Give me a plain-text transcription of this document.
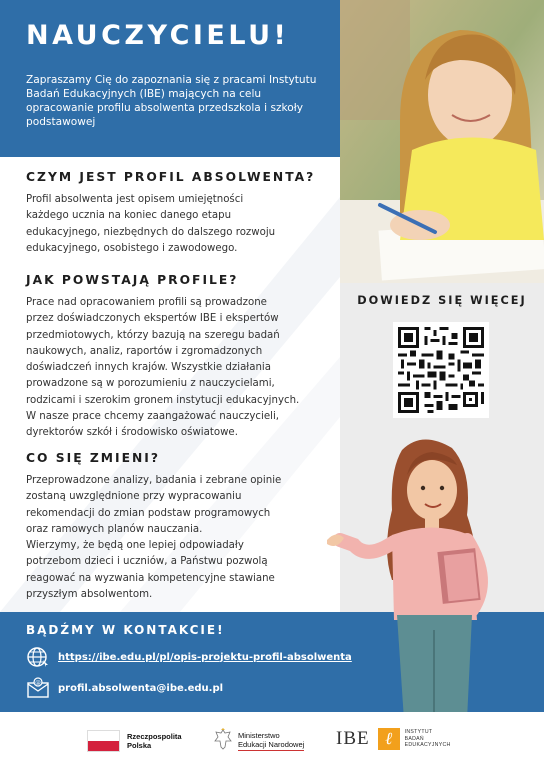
NAUCZYCIELU!
Zapraszamy Cię do zapoznania się z pracami Instytutu Badań Edukacyjnych (IBE) mających na celu opracowanie profilu absolwenta przedszkola i szkoły podstawowej
CZYM JEST PROFIL ABSOLWENTA?
Profil absolwenta jest opisem umiejętności
każdego ucznia na koniec danego etapu
edukacyjnego, niezbędnych do dalszego rozwoju
edukacyjnego, osobistego i zawodowego.
JAK POWSTAJĄ PROFILE?
Prace nad opracowaniem profili są prowadzone
przez doświadczonych ekspertów IBE i ekspertów
przedmiotowych, którzy bazują na szeregu badań
naukowych, analiz, raportów i zgromadzonych
doświadczeń innych krajów. Wszystkie działania
prowadzone są w porozumieniu z nauczycielami,
rodzicami i szerokim gronem instytucji edukacyjnych.
W nasze prace chcemy zaangażować nauczycieli,
dyrektorów szkół i środowisko oświatowe.
CO SIĘ ZMIENI?
Przeprowadzone analizy, badania i zebrane opinie
zostaną uwzględnione przy wypracowaniu
rekomendacji do zmian podstaw programowych
oraz ramowych planów nauczania.
Wierzymy, że będą one lepiej odpowiadały
potrzebom dzieci i uczniów, a Państwu pozwolą
reagować na wyzwania kompetencyjne stawiane
przyszłym absolwentom.
DOWIEDZ SIĘ WIĘCEJ
BĄDŹMY W KONTAKCIE!
https://ibe.edu.pl/pl/opis-projektu-profil-absolwenta
@ profil.absolwenta@ibe.edu.pl
Rzeczpospolita
Polska
Ministerstwo
Edukacji Narodowej IBE ℓ	INSTYTUT
BADAŃ
EDUKACYJNYCH
